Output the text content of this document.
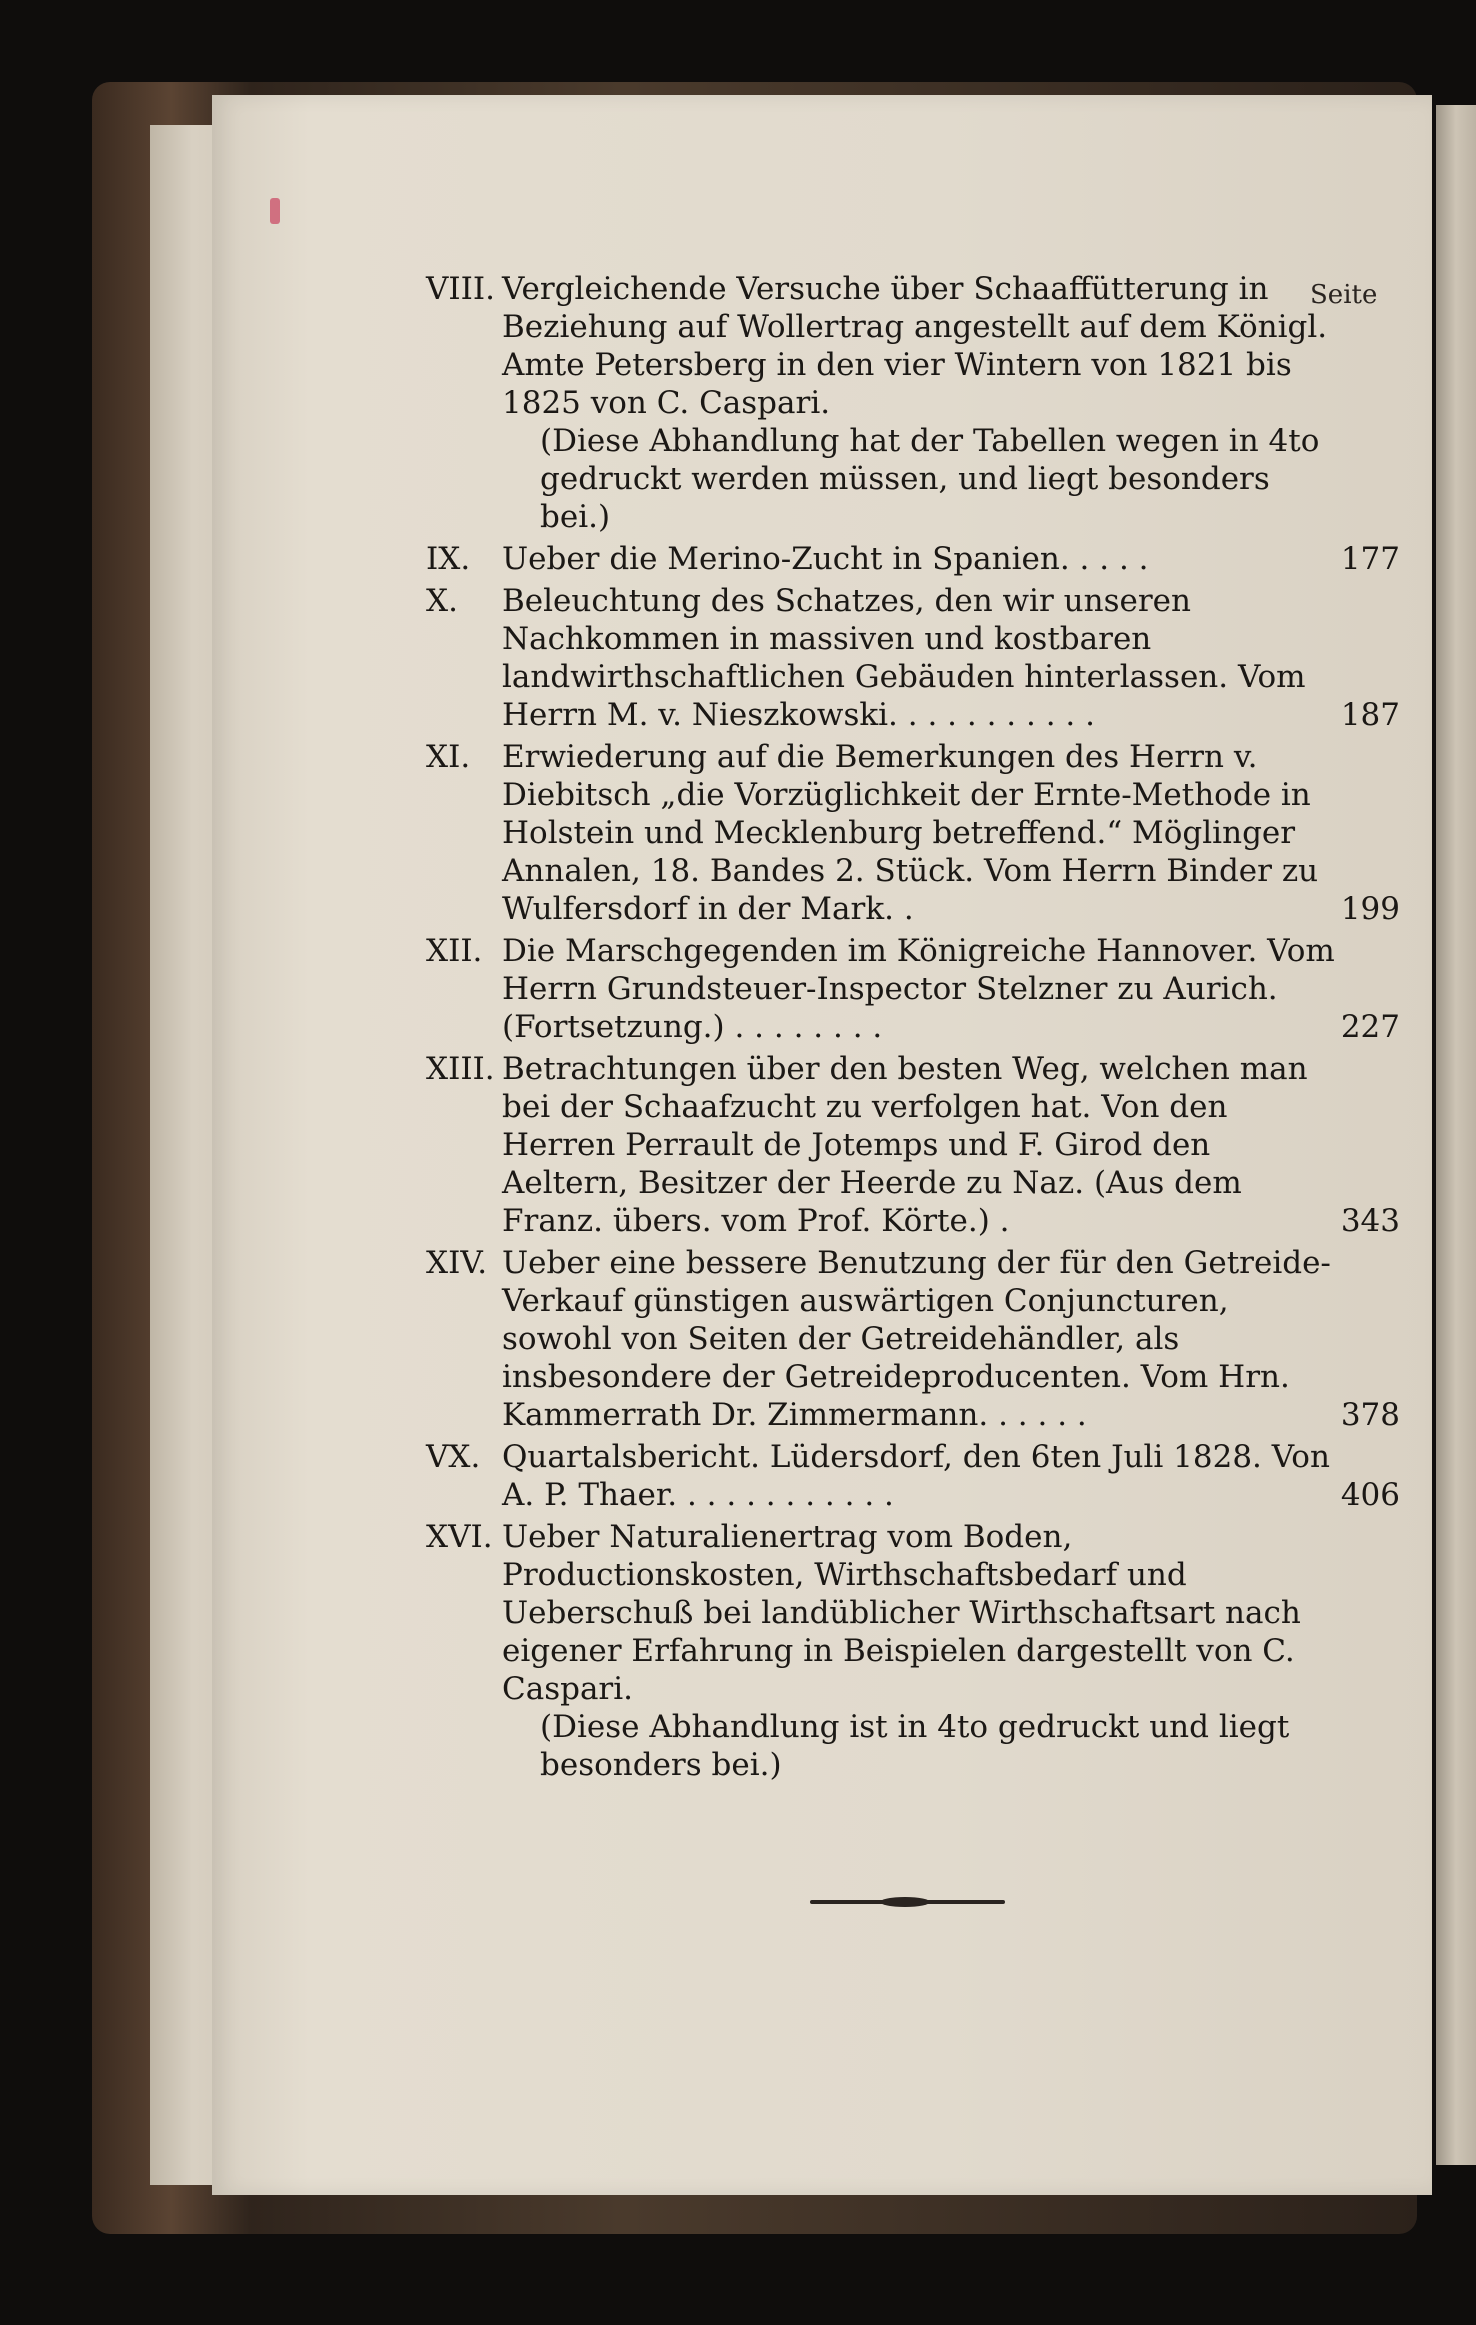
Seite
VIII. Vergleichende Versuche über Schaaffütterung in Beziehung auf Wollertrag angestellt auf dem Königl. Amte Petersberg in den vier Wintern von 1821 bis 1825 von C. Caspari.
(Diese Abhandlung hat der Tabellen wegen in 4to gedruckt werden müssen, und liegt besonders bei.)
IX. Ueber die Merino-Zucht in Spanien. . . . .	177
X. Beleuchtung des Schatzes, den wir unseren Nachkommen in massiven und kostbaren landwirthschaftlichen Gebäuden hinterlassen. Vom Herrn M. v. Nieszkowski. . . . . . . . . . .	187
XI. Erwiederung auf die Bemerkungen des Herrn v. Diebitsch „die Vorzüglichkeit der Ernte-Methode in Holstein und Mecklenburg betreffend.“ Möglinger Annalen, 18. Bandes 2. Stück. Vom Herrn Binder zu Wulfersdorf in der Mark. .	199
XII. Die Marschgegenden im Königreiche Hannover. Vom Herrn Grundsteuer-Inspector Stelzner zu Aurich. (Fortsetzung.) . . . . . . . .	227
XIII. Betrachtungen über den besten Weg, welchen man bei der Schaafzucht zu verfolgen hat. Von den Herren Perrault de Jotemps und F. Girod den Aeltern, Besitzer der Heerde zu Naz. (Aus dem Franz. übers. vom Prof. Körte.) .	343
XIV. Ueber eine bessere Benutzung der für den Getreide-Verkauf günstigen auswärtigen Conjuncturen, sowohl von Seiten der Getreidehändler, als insbesondere der Getreideproducenten. Vom Hrn. Kammerrath Dr. Zimmermann. . . . . .	378
VX. Quartalsbericht. Lüdersdorf, den 6ten Juli 1828. Von A. P. Thaer. . . . . . . . . . . .	406
XVI. Ueber Naturalienertrag vom Boden, Productionskosten, Wirthschaftsbedarf und Ueberschuß bei landüblicher Wirthschaftsart nach eigener Erfahrung in Beispielen dargestellt von C. Caspari.
(Diese Abhandlung ist in 4to gedruckt und liegt besonders bei.)
